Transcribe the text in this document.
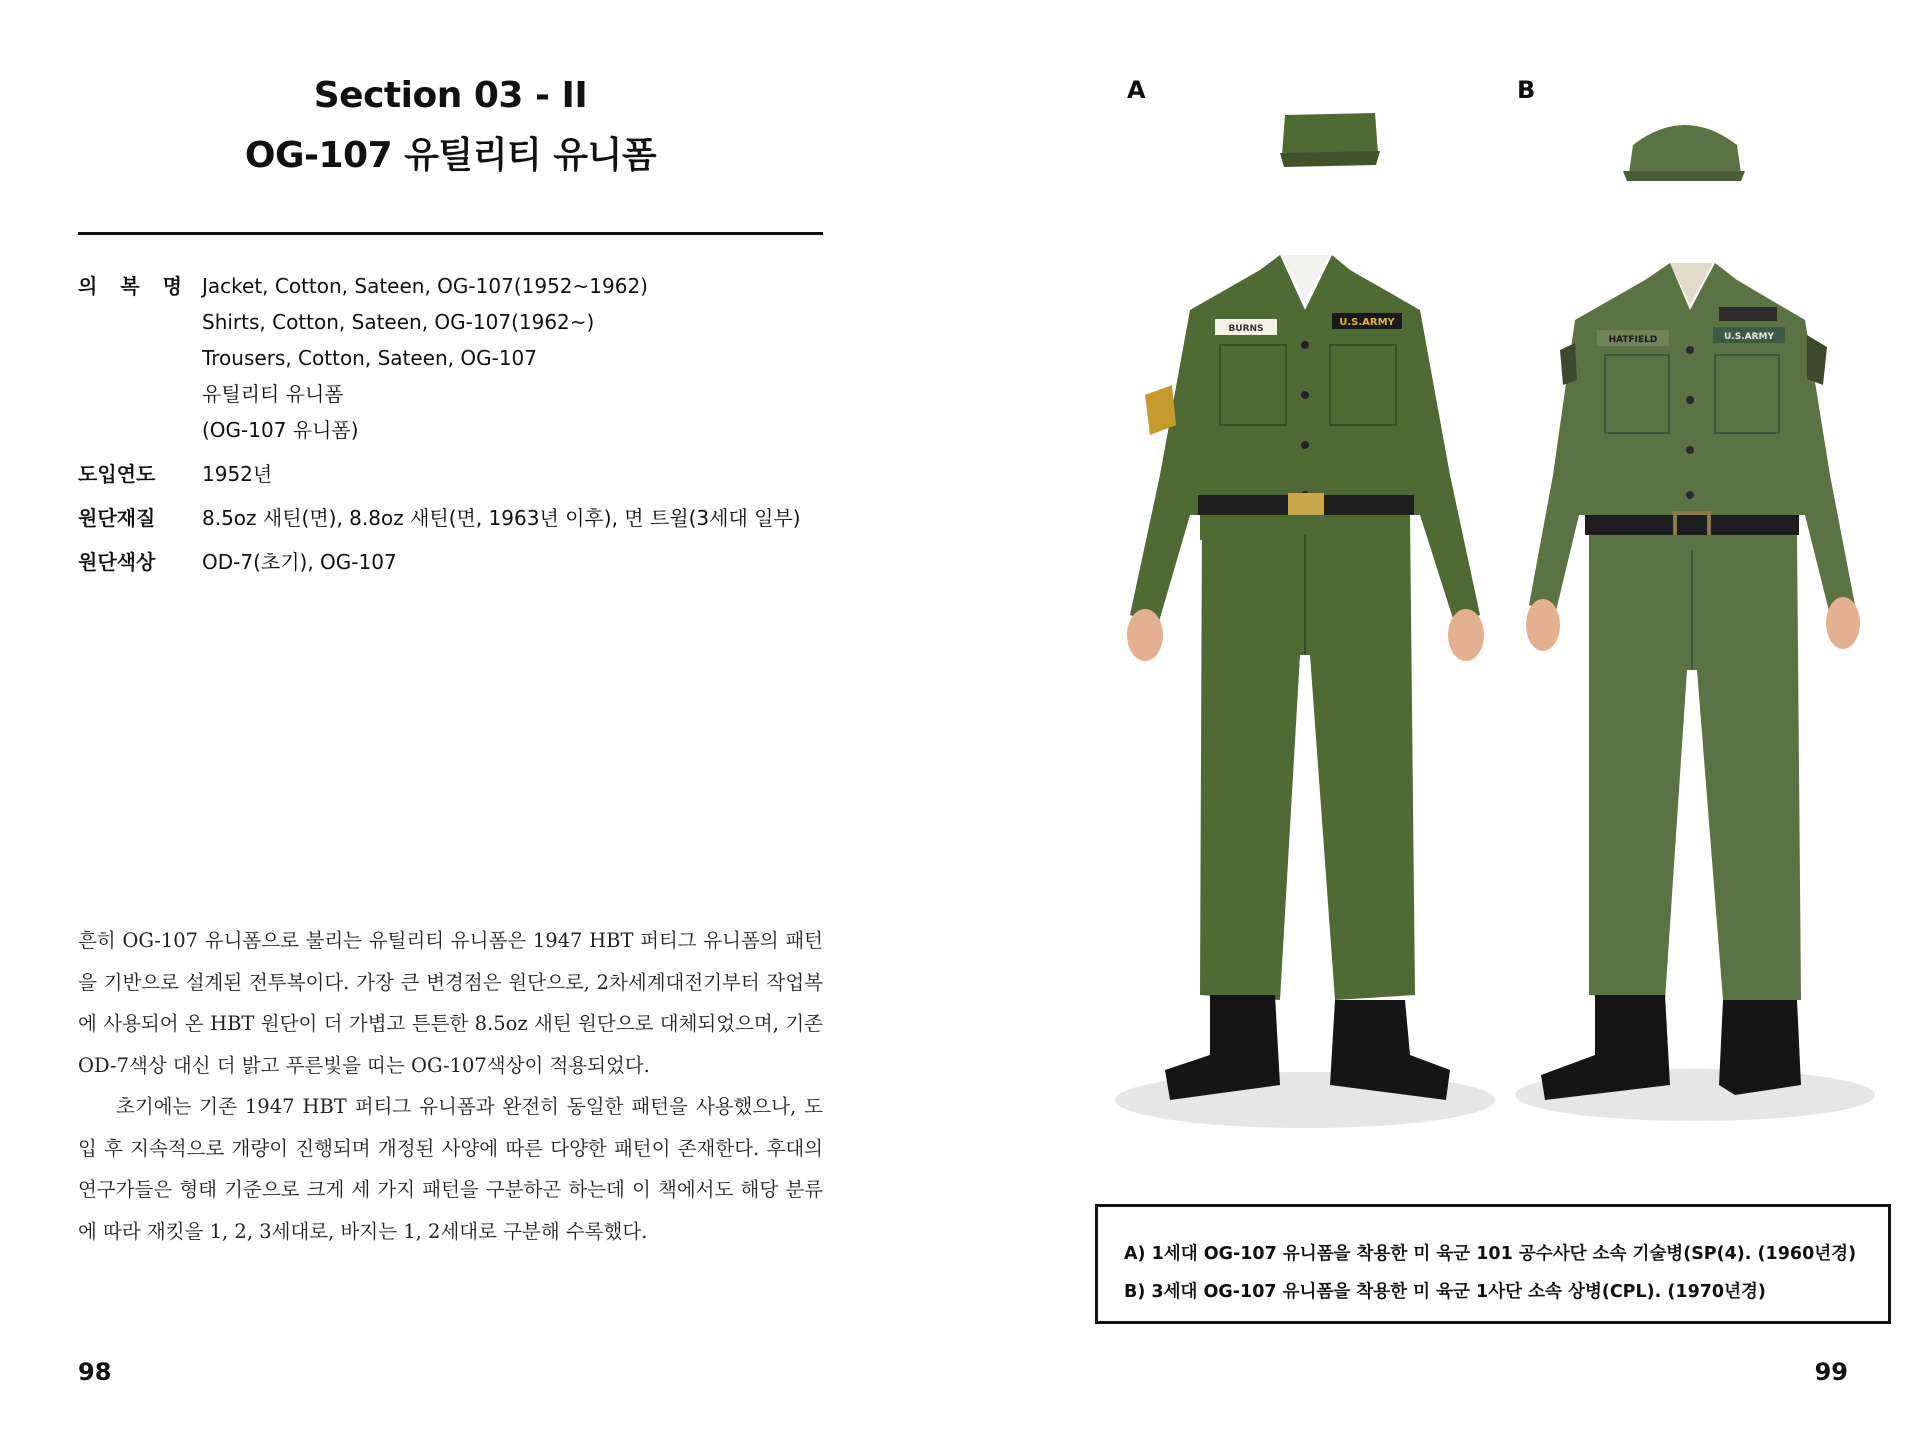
Section 03 - II
OG-107 유틸리티 유니폼
의 복 명 Jacket, Cotton, Sateen, OG-107(1952~1962)
Shirts, Cotton, Sateen, OG-107(1962~)
Trousers, Cotton, Sateen, OG-107
유틸리티 유니폼
(OG-107 유니폼)
도입연도	1952년
원단재질	8.5oz 새틴(면), 8.8oz 새틴(면, 1963년 이후), 면 트윌(3세대 일부)
원단색상	OD-7(초기), OG-107

흔히 OG-107 유니폼으로 불리는 유틸리티 유니폼은 1947 HBT 퍼티그 유니폼의 패턴을 기반으로 설계된 전투복이다. 가장 큰 변경점은 원단으로, 2차세계대전기부터 작업복에 사용되어 온 HBT 원단이 더 가볍고 튼튼한 8.5oz 새틴 원단으로 대체되었으며, 기존 OD-7색상 대신 더 밝고 푸른빛을 띠는 OG-107색상이 적용되었다.

초기에는 기존 1947 HBT 퍼티그 유니폼과 완전히 동일한 패턴을 사용했으나, 도입 후 지속적으로 개량이 진행되며 개정된 사양에 따른 다양한 패턴이 존재한다. 후대의 연구가들은 형태 기준으로 크게 세 가지 패턴을 구분하곤 하는데 이 책에서도 해당 분류에 따라 재킷을 1, 2, 3세대로, 바지는 1, 2세대로 구분해 수록했다.

98
A	B
BURNS
U.S.ARMY
HATFIELD	U.S.ARMY
A) 1세대 OG-107 유니폼을 착용한 미 육군 101 공수사단 소속 기술병(SP(4). (1960년경)
B) 3세대 OG-107 유니폼을 착용한 미 육군 1사단 소속 상병(CPL). (1970년경)
99
